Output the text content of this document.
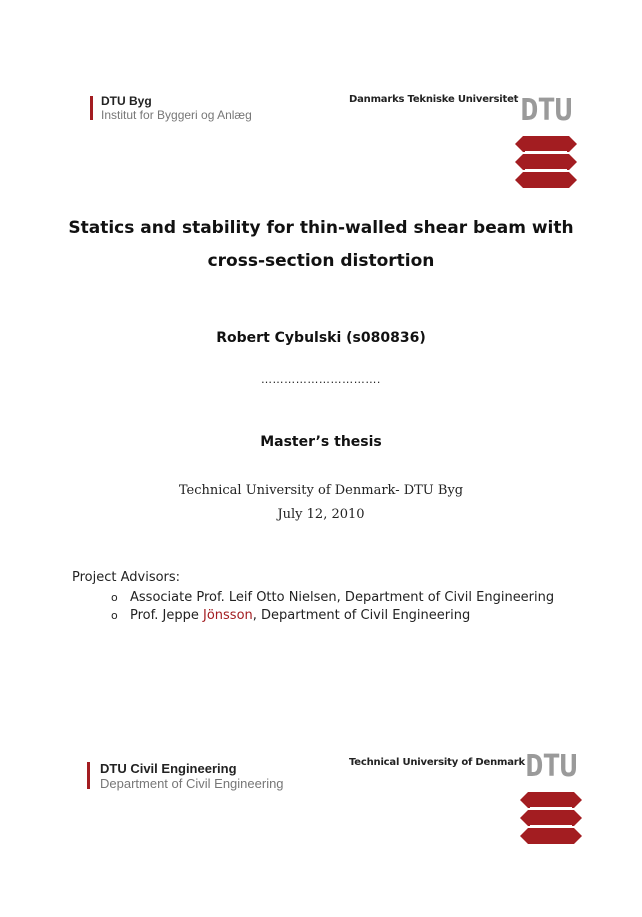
DTU Byg
Institut for Byggeri og Anlæg
Danmarks Tekniske Universitet DTU
Statics and stability for thin-walled shear beam with
cross-section distortion
Robert Cybulski (s080836)
………………………….
Master’s thesis
Technical University of Denmark- DTU Byg
July 12, 2010
Project Advisors:
o Associate Prof. Leif Otto Nielsen, Department of Civil Engineering
o Prof. Jeppe Jönsson, Department of Civil Engineering
DTU Civil Engineering
Department of Civil Engineering
Technical University of Denmark DTU
